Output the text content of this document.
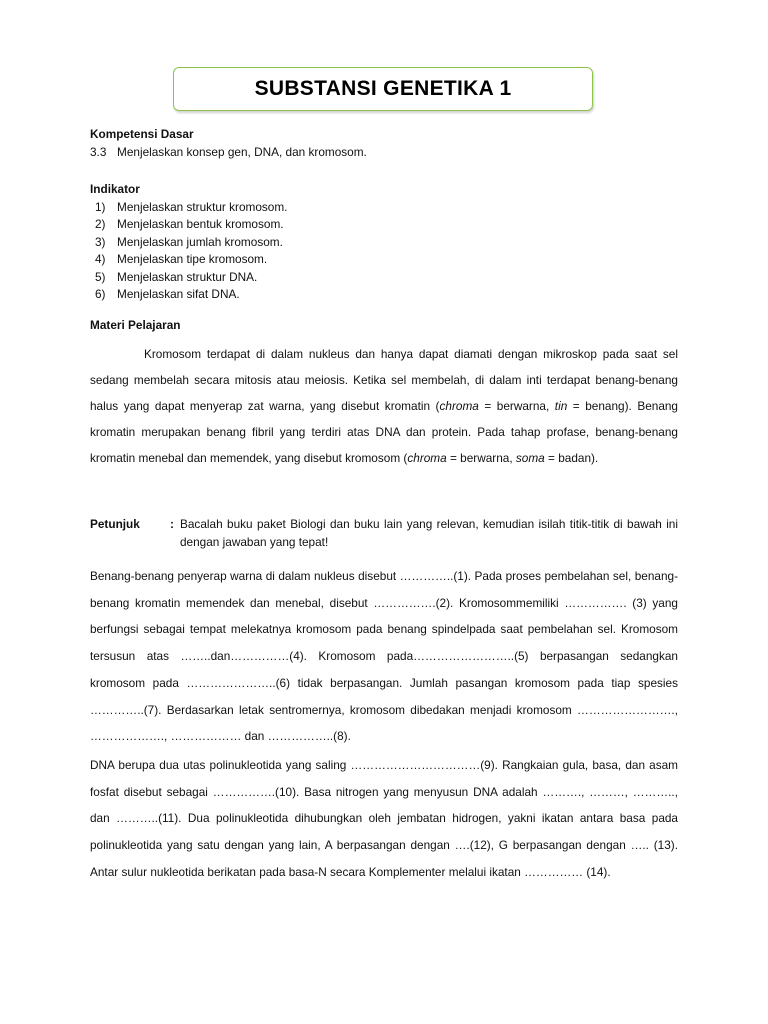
SUBSTANSI GENETIKA 1
Kompetensi Dasar
3.3 Menjelaskan konsep gen, DNA, dan kromosom.
Indikator
1) Menjelaskan struktur kromosom.
2) Menjelaskan bentuk kromosom.
3) Menjelaskan jumlah kromosom.
4) Menjelaskan tipe kromosom.
5) Menjelaskan struktur DNA.
6) Menjelaskan sifat DNA.
Materi Pelajaran
Kromosom terdapat di dalam nukleus dan hanya dapat diamati dengan mikroskop pada saat sel sedang membelah secara mitosis atau meiosis. Ketika sel membelah, di dalam inti terdapat benang-benang halus yang dapat menyerap zat warna, yang disebut kromatin (chroma = berwarna, tin = benang). Benang kromatin merupakan benang fibril yang terdiri atas DNA dan protein. Pada tahap profase, benang-benang kromatin menebal dan memendek, yang disebut kromosom (chroma = berwarna, soma = badan).
Petunjuk	: Bacalah buku paket Biologi dan buku lain yang relevan, kemudian isilah titik-titik di bawah ini dengan jawaban yang tepat!
Benang-benang penyerap warna di dalam nukleus disebut …………..(1). Pada proses pembelahan sel, benang-benang kromatin memendek dan menebal, disebut …………….(2). Kromosommemiliki ……………. (3) yang berfungsi sebagai tempat melekatnya kromosom pada benang spindelpada saat pembelahan sel. Kromosom tersusun atas ……..dan……………(4). Kromosom pada……………………..(5) berpasangan sedangkan kromosom pada …………………..(6) tidak berpasangan. Jumlah pasangan kromosom pada tiap spesies …………..(7). Berdasarkan letak sentromernya, kromosom dibedakan menjadi kromosom ……………………., ………………., ……………… dan ……………..(8).
DNA berupa dua utas polinukleotida yang saling ……………………………(9). Rangkaian gula, basa, dan asam fosfat disebut sebagai …………….(10). Basa nitrogen yang menyusun DNA adalah ………., ………, ……….., dan ………..(11). Dua polinukleotida dihubungkan oleh jembatan hidrogen, yakni ikatan antara basa pada polinukleotida yang satu dengan yang lain, A berpasangan dengan ….(12), G berpasangan dengan ….. (13). Antar sulur nukleotida berikatan pada basa-N secara Komplementer melalui ikatan …………… (14).
